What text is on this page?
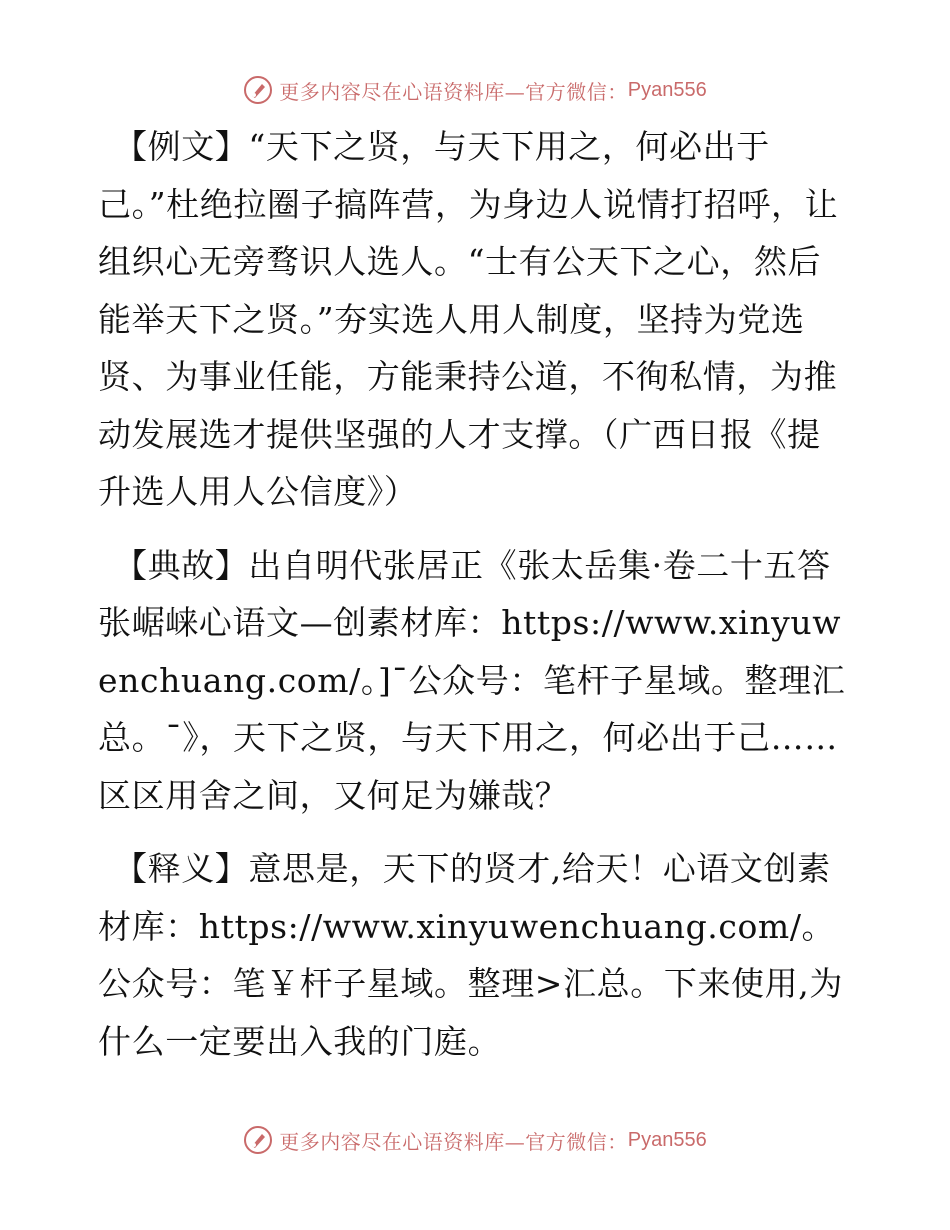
更多内容尽在心语资料库—官方微信： Pyan556

【例文】“天下之贤，与天下用之，何必出于己。”杜绝拉圈子搞阵营，为身边人说情打招呼，让组织心无旁骛识人选人。“士有公天下之心，然后能举天下之贤。”夯实选人用人制度，坚持为党选贤、为事业任能，方能秉持公道，不徇私情，为推动发展选才提供坚强的人才支撑。（广西日报《提升选人用人公信度》）

【典故】出自明代张居正《张太岳集·卷二十五答张崌崃心语文—创素材库：https://www.xinyuwenchuang.com/。]¯公众号：笔杆子星域。整理汇总。¯》，天下之贤，与天下用之，何必出于己……区区用舍之间，又何足为嫌哉？

【释义】意思是，天下的贤才,给天！心语文创素材库：https://www.xinyuwenchuang.com/。公众号：笔￥杆子星域。整理>汇总。下来使用,为什么一定要出入我的门庭。

更多内容尽在心语资料库—官方微信： Pyan556
